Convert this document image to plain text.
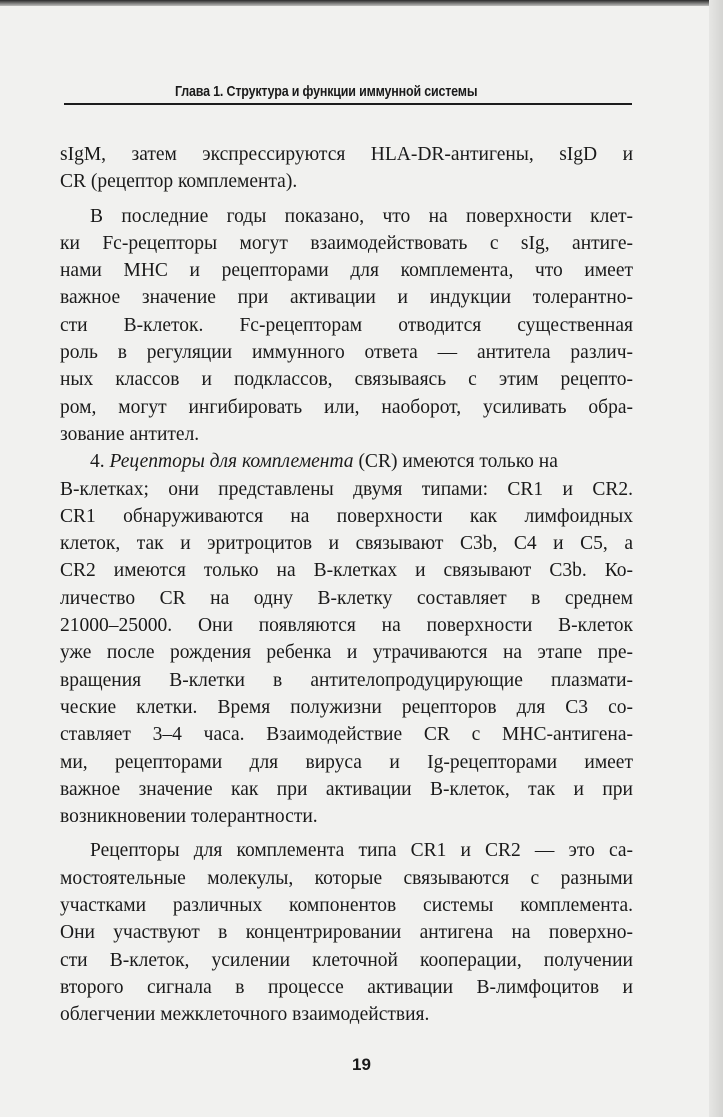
Глава 1. Структура и функции иммунной системы
sIgM, затем экспрессируются HLA-DR-антигены, sIgD и
CR (рецептор комплемента).
В последние годы показано, что на поверхности клет-
ки Fc-рецепторы могут взаимодействовать с sIg, антиге-
нами МНС и рецепторами для комплемента, что имеет
важное значение при активации и индукции толерантно-
сти В-клеток. Fc-рецепторам отводится существенная
роль в регуляции иммунного ответа — антитела различ-
ных классов и подклассов, связываясь с этим рецепто-
ром, могут ингибировать или, наоборот, усиливать обра-
зование антител.
4. Рецепторы для комплемента (CR) имеются только на
В-клетках; они представлены двумя типами: CR1 и CR2.
CR1 обнаруживаются на поверхности как лимфоидных
клеток, так и эритроцитов и связывают C3b, C4 и C5, а
CR2 имеются только на В-клетках и связывают C3b. Ко-
личество CR на одну В-клетку составляет в среднем
21000–25000. Они появляются на поверхности В-клеток
уже после рождения ребенка и утрачиваются на этапе пре-
вращения В-клетки в антителопродуцирующие плазмати-
ческие клетки. Время полужизни рецепторов для C3 со-
ставляет 3–4 часа. Взаимодействие CR с МНС-антигена-
ми, рецепторами для вируса и Ig-рецепторами имеет
важное значение как при активации В-клеток, так и при
возникновении толерантности.
Рецепторы для комплемента типа CR1 и CR2 — это са-
мостоятельные молекулы, которые связываются с разными
участками различных компонентов системы комплемента.
Они участвуют в концентрировании антигена на поверхно-
сти В-клеток, усилении клеточной кооперации, получении
второго сигнала в процессе активации В-лимфоцитов и
облегчении межклеточного взаимодействия.
19
